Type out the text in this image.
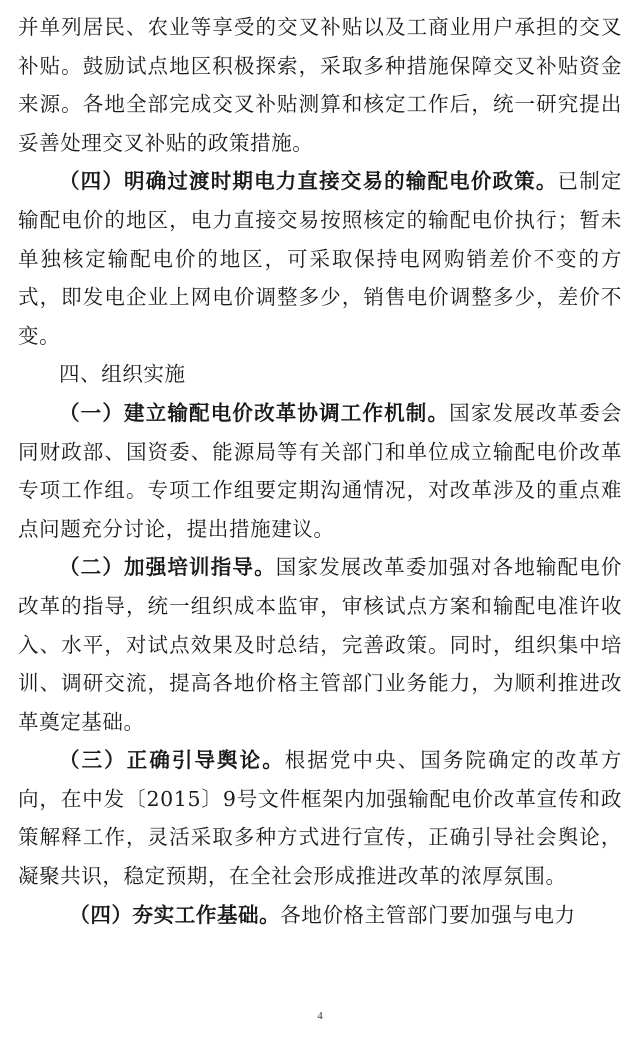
并单列居民、农业等享受的交叉补贴以及工商业用户承担的交叉补贴。鼓励试点地区积极探索，采取多种措施保障交叉补贴资金来源。各地全部完成交叉补贴测算和核定工作后，统一研究提出妥善处理交叉补贴的政策措施。

（四）明确过渡时期电力直接交易的输配电价政策。已制定输配电价的地区，电力直接交易按照核定的输配电价执行；暂未单独核定输配电价的地区，可采取保持电网购销差价不变的方式，即发电企业上网电价调整多少，销售电价调整多少，差价不变。

四、组织实施

（一）建立输配电价改革协调工作机制。国家发展改革委会同财政部、国资委、能源局等有关部门和单位成立输配电价改革专项工作组。专项工作组要定期沟通情况，对改革涉及的重点难点问题充分讨论，提出措施建议。

（二）加强培训指导。国家发展改革委加强对各地输配电价改革的指导，统一组织成本监审，审核试点方案和输配电准许收入、水平，对试点效果及时总结，完善政策。同时，组织集中培训、调研交流，提高各地价格主管部门业务能力，为顺利推进改革奠定基础。

（三）正确引导舆论。根据党中央、国务院确定的改革方向，在中发〔2015〕9号文件框架内加强输配电价改革宣传和政策解释工作，灵活采取多种方式进行宣传，正确引导社会舆论，凝聚共识，稳定预期，在全社会形成推进改革的浓厚氛围。

（四）夯实工作基础。各地价格主管部门要加强与电力

4
